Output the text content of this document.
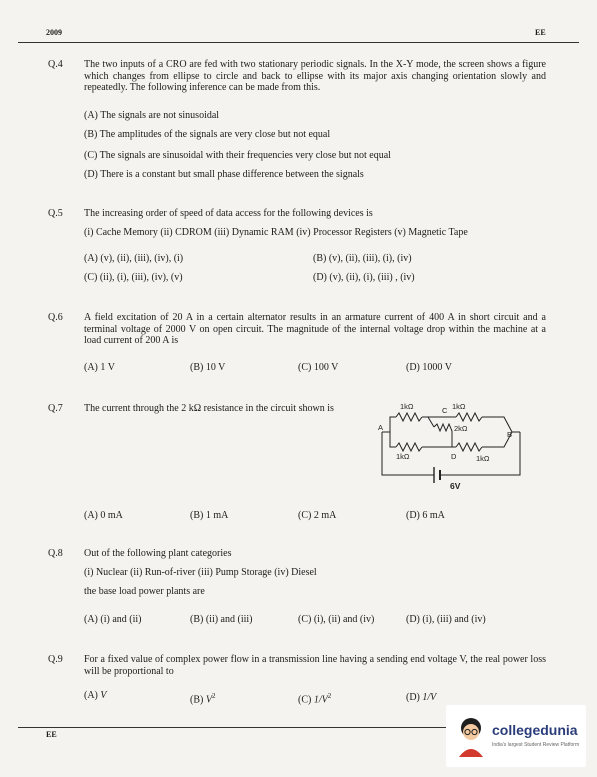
2009	EE
Q.4 The two inputs of a CRO are fed with two stationary periodic signals. In the X-Y mode, the screen shows a figure which changes from ellipse to circle and back to ellipse with its major axis changing orientation slowly and repeatedly. The following inference can be made from this.
(A) The signals are not sinusoidal
(B) The amplitudes of the signals are very close but not equal
(C) The signals are sinusoidal with their frequencies very close but not equal
(D) There is a constant but small phase difference between the signals
Q.5 The increasing order of speed of data access for the following devices is
(i) Cache Memory (ii) CDROM (iii) Dynamic RAM (iv) Processor Registers (v) Magnetic Tape
(A) (v), (ii), (iii), (iv), (i)	(B) (v), (ii), (iii), (i), (iv)
(C) (ii), (i), (iii), (iv), (v)	(D) (v), (ii), (i), (iii) , (iv)
Q.6 A field excitation of 20 A in a certain alternator results in an armature current of 400 A in short circuit and a terminal voltage of 2000 V on open circuit. The magnitude of the internal voltage drop within the machine at a load current of 200 A is
(A) 1 V	(B) 10 V	(C) 100 V	(D) 1000 V
Q.7 The current through the 2 kΩ resistance in the circuit shown is	1kΩ	C 1kΩ
2kΩ
A
B
1kΩ	D	1kΩ
6V
(A) 0 mA	(B) 1 mA	(C) 2 mA	(D) 6 mA
Q.8 Out of the following plant categories
(i) Nuclear (ii) Run-of-river (iii) Pump Storage (iv) Diesel
the base load power plants are
(A) (i) and (ii)	(B) (ii) and (iii)	(C) (i), (ii) and (iv)	(D) (i), (iii) and (iv)
Q.9 For a fixed value of complex power flow in a transmission line having a sending end voltage V, the real power loss will be proportional to
(A) V	(B) $V^2$	(C) $1/V^2$	(D) 1/V
EE	collegedunia
India's largest Student Review Platform
